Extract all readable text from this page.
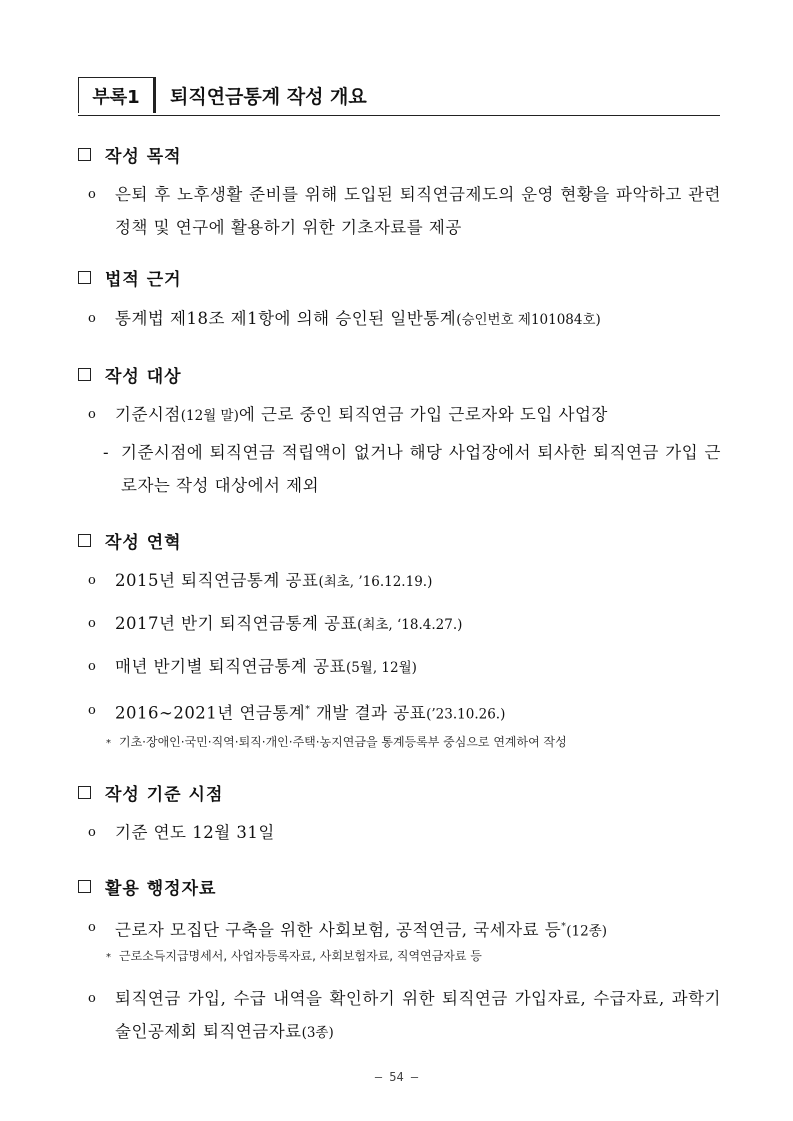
부록1	퇴직연금통계 작성 개요
작성 목적
o	은퇴 후 노후생활 준비를 위해 도입된 퇴직연금제도의 운영 현황을 파악하고 관련 정책 및 연구에 활용하기 위한 기초자료를 제공
법적 근거
o	통계법 제18조 제1항에 의해 승인된 일반통계(승인번호 제101084호)
작성 대상
o	기준시점(12월 말)에 근로 중인 퇴직연금 가입 근로자와 도입 사업장
- 기준시점에 퇴직연금 적립액이 없거나 해당 사업장에서 퇴사한 퇴직연금 가입 근로자는 작성 대상에서 제외
작성 연혁
o	2015년 퇴직연금통계 공표(최초, ’16.12.19.)
o	2017년 반기 퇴직연금통계 공표(최초, ‘18.4.27.)
o	매년 반기별 퇴직연금통계 공표(5월, 12월)
o	2016∼2021년 연금통계* 개발 결과 공표(’23.10.26.)
* 기초·장애인·국민·직역·퇴직·개인·주택·농지연금을 통계등록부 중심으로 연계하여 작성
작성 기준 시점
o	기준 연도 12월 31일
활용 행정자료
o	근로자 모집단 구축을 위한 사회보험, 공적연금, 국세자료 등*(12종)
* 근로소득지급명세서, 사업자등록자료, 사회보험자료, 직역연금자료 등
o	퇴직연금 가입, 수급 내역을 확인하기 위한 퇴직연금 가입자료, 수급자료, 과학기술인공제회 퇴직연금자료(3종)
– 54 –
